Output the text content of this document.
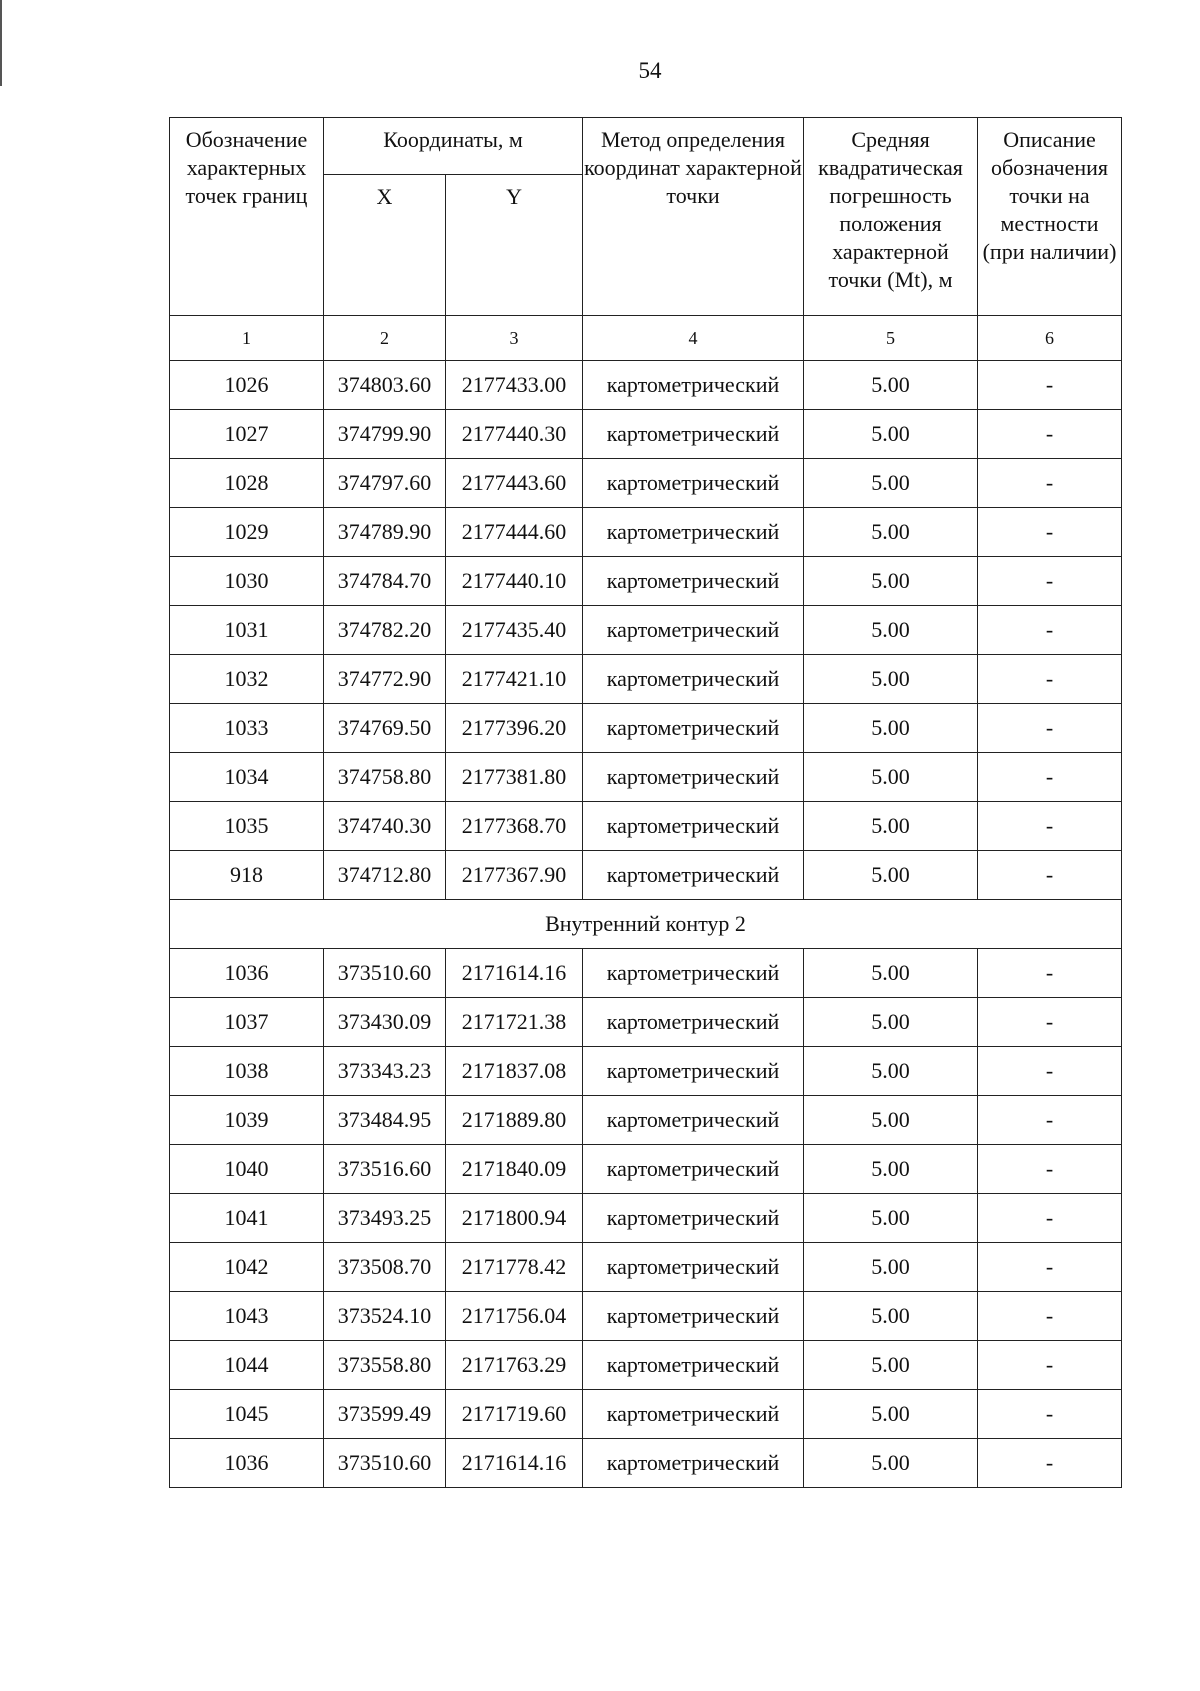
54
Обозначение характерных точек границ	Координаты, м		Метод определения координат характерной точки	Средняя квадратическая погрешность положения характерной точки (Mt), м	Описание обозначения точки на местности (при наличии)
	X	Y			
1	2	3	4	5	6
1026	374803.60	2177433.00	картометрический	5.00	-
1027	374799.90	2177440.30	картометрический	5.00	-
1028	374797.60	2177443.60	картометрический	5.00	-
1029	374789.90	2177444.60	картометрический	5.00	-
1030	374784.70	2177440.10	картометрический	5.00	-
1031	374782.20	2177435.40	картометрический	5.00	-
1032	374772.90	2177421.10	картометрический	5.00	-
1033	374769.50	2177396.20	картометрический	5.00	-
1034	374758.80	2177381.80	картометрический	5.00	-
1035	374740.30	2177368.70	картометрический	5.00	-
918	374712.80	2177367.90	картометрический	5.00	-
Внутренний контур 2					
1036	373510.60	2171614.16	картометрический	5.00	-
1037	373430.09	2171721.38	картометрический	5.00	-
1038	373343.23	2171837.08	картометрический	5.00	-
1039	373484.95	2171889.80	картометрический	5.00	-
1040	373516.60	2171840.09	картометрический	5.00	-
1041	373493.25	2171800.94	картометрический	5.00	-
1042	373508.70	2171778.42	картометрический	5.00	-
1043	373524.10	2171756.04	картометрический	5.00	-
1044	373558.80	2171763.29	картометрический	5.00	-
1045	373599.49	2171719.60	картометрический	5.00	-
1036	373510.60	2171614.16	картометрический	5.00	-
